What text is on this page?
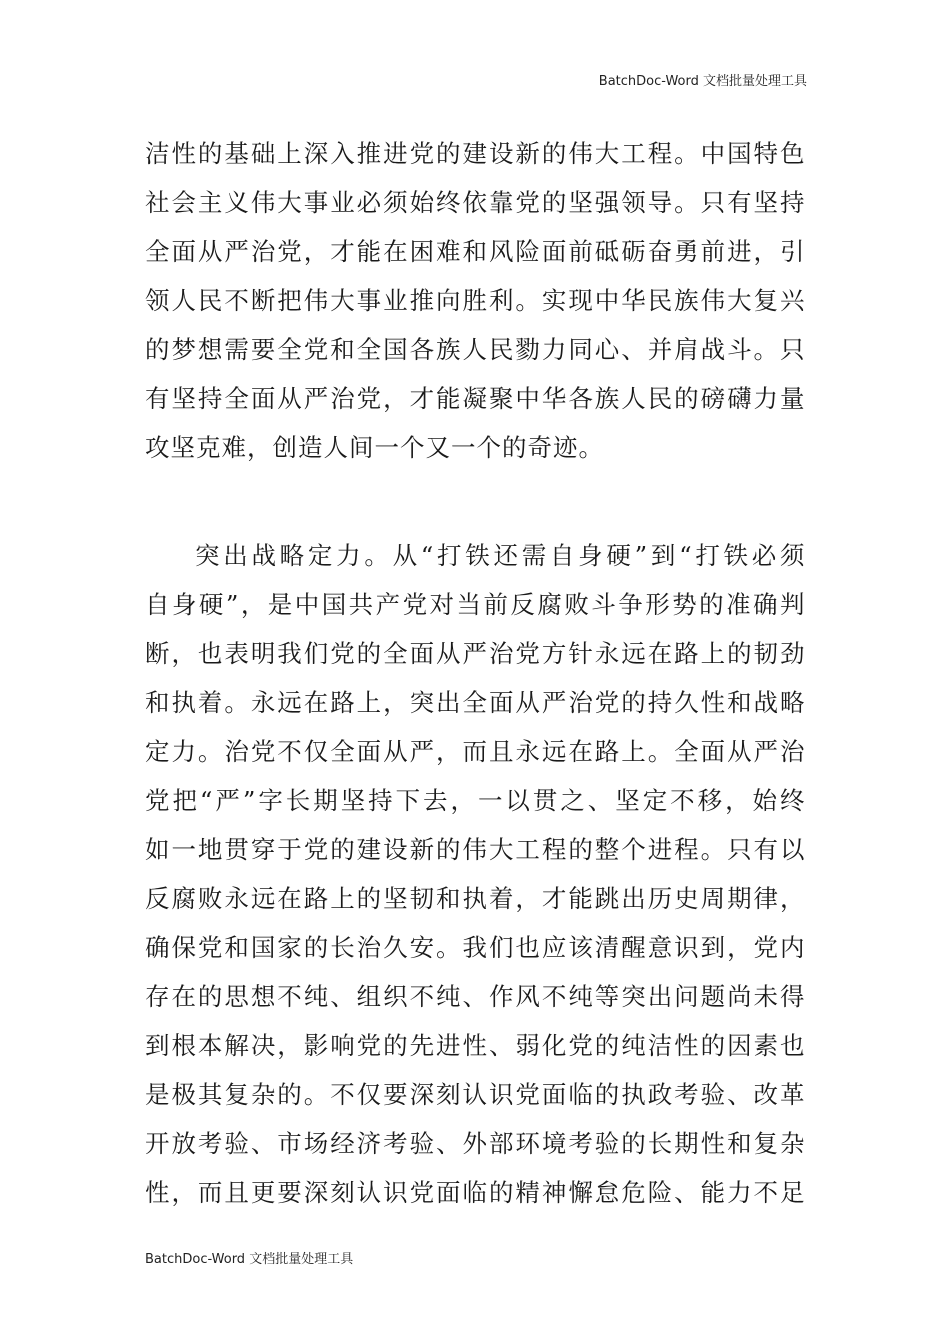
BatchDoc-Word 文档批量处理工具
洁性的基础上深入推进党的建设新的伟大工程。中国特色
社会主义伟大事业必须始终依靠党的坚强领导。只有坚持
全面从严治党，才能在困难和风险面前砥砺奋勇前进，引
领人民不断把伟大事业推向胜利。实现中华民族伟大复兴
的梦想需要全党和全国各族人民勠力同心、并肩战斗。只
有坚持全面从严治党，才能凝聚中华各族人民的磅礴力量
攻坚克难，创造人间一个又一个的奇迹。
突出战略定力。从“打铁还需自身硬”到“打铁必须
自身硬”，是中国共产党对当前反腐败斗争形势的准确判
断，也表明我们党的全面从严治党方针永远在路上的韧劲
和执着。永远在路上，突出全面从严治党的持久性和战略
定力。治党不仅全面从严，而且永远在路上。全面从严治
党把“严”字长期坚持下去，一以贯之、坚定不移，始终
如一地贯穿于党的建设新的伟大工程的整个进程。只有以
反腐败永远在路上的坚韧和执着，才能跳出历史周期律，
确保党和国家的长治久安。我们也应该清醒意识到，党内
存在的思想不纯、组织不纯、作风不纯等突出问题尚未得
到根本解决，影响党的先进性、弱化党的纯洁性的因素也
是极其复杂的。不仅要深刻认识党面临的执政考验、改革
开放考验、市场经济考验、外部环境考验的长期性和复杂
性，而且更要深刻认识党面临的精神懈怠危险、能力不足
BatchDoc-Word 文档批量处理工具
